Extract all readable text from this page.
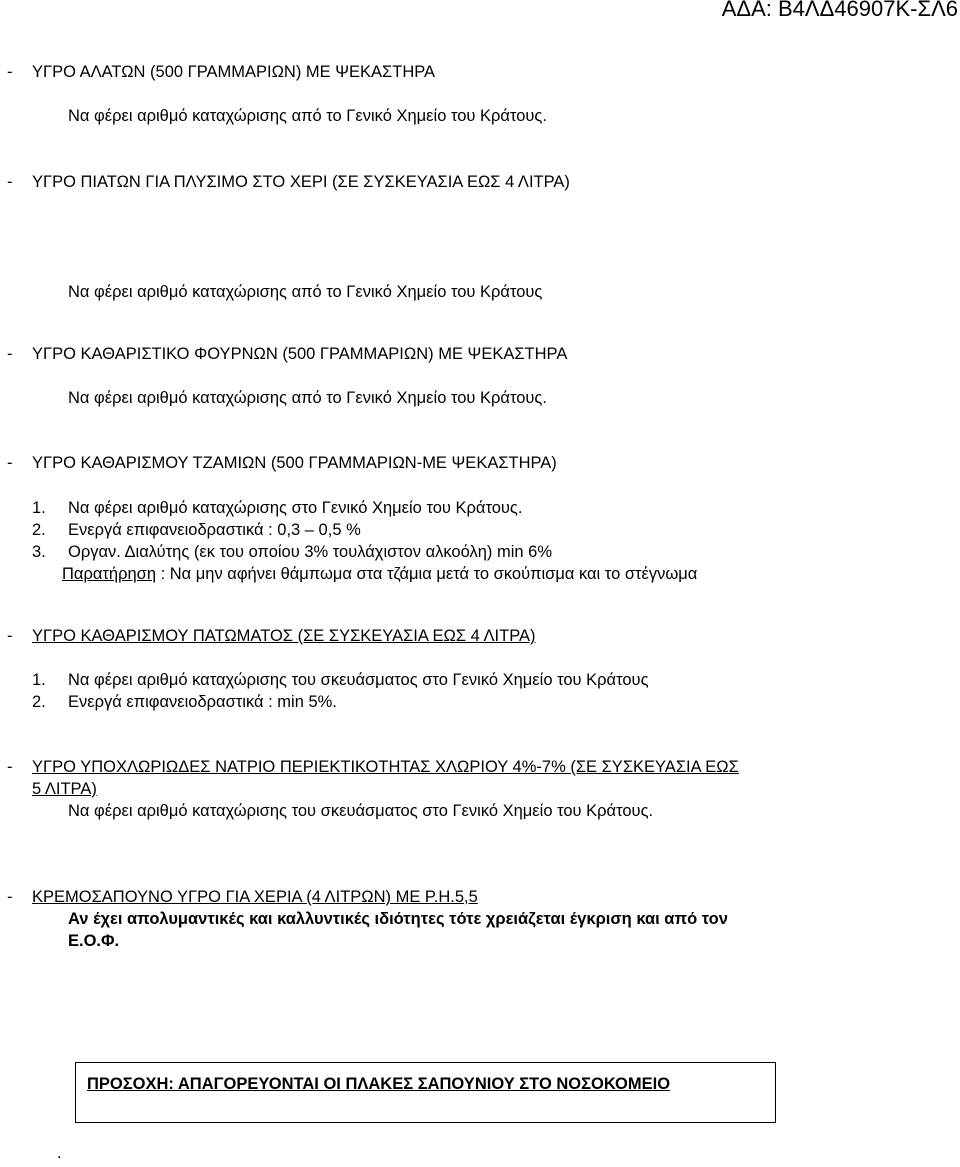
ΑΔΑ: Β4ΛΔ46907Κ-ΣΛ6
- ΥΓΡΟ ΑΛΑΤΩΝ (500 ΓΡΑΜΜΑΡΙΩΝ) ΜΕ ΨΕΚΑΣΤΗΡΑ
Να φέρει αριθμό καταχώρισης από το Γενικό Χημείο του Κράτους.
- ΥΓΡΟ ΠΙΑΤΩΝ ΓΙΑ ΠΛΥΣΙΜΟ ΣΤΟ ΧΕΡΙ (ΣΕ ΣΥΣΚΕΥΑΣΙΑ ΕΩΣ 4 ΛΙΤΡΑ)
Να φέρει αριθμό καταχώρισης από το Γενικό Χημείο του Κράτους
- ΥΓΡΟ ΚΑΘΑΡΙΣΤΙΚΟ ΦΟΥΡΝΩΝ (500 ΓΡΑΜΜΑΡΙΩΝ) ΜΕ ΨΕΚΑΣΤΗΡΑ
Να φέρει αριθμό καταχώρισης από το Γενικό Χημείο του Κράτους.
- ΥΓΡΟ ΚΑΘΑΡΙΣΜΟΥ ΤΖΑΜΙΩΝ (500 ΓΡΑΜΜΑΡΙΩΝ-ΜΕ ΨΕΚΑΣΤΗΡΑ)
1. Να φέρει αριθμό καταχώρισης στο Γενικό Χημείο του Κράτους.
2. Ενεργά επιφανειοδραστικά : 0,3 – 0,5 %
3. Οργαν. Διαλύτης (εκ του οποίου 3% τουλάχιστον αλκοόλη) min 6%
Παρατήρηση : Να μην αφήνει θάμπωμα στα τζάμια μετά το σκούπισμα και το στέγνωμα
- ΥΓΡΟ ΚΑΘΑΡΙΣΜΟΥ ΠΑΤΩΜΑΤΟΣ (ΣΕ ΣΥΣΚΕΥΑΣΙΑ ΕΩΣ 4 ΛΙΤΡΑ)
1. Να φέρει αριθμό καταχώρισης του σκευάσματος στο Γενικό Χημείο του Κράτους
2. Ενεργά επιφανειοδραστικά : min 5%.
- ΥΓΡΟ ΥΠΟΧΛΩΡΙΩΔΕΣ ΝΑΤΡΙΟ ΠΕΡΙΕΚΤΙΚΟΤΗΤΑΣ ΧΛΩΡΙΟΥ 4%-7% (ΣΕ ΣΥΣΚΕΥΑΣΙΑ ΕΩΣ
5 ΛΙΤΡΑ)
Να φέρει αριθμό καταχώρισης του σκευάσματος στο Γενικό Χημείο του Κράτους.
- ΚΡΕΜΟΣΑΠΟΥΝΟ ΥΓΡΟ ΓΙΑ ΧΕΡΙΑ (4 ΛΙΤΡΩΝ) ΜΕ Ρ.Η.5,5
Αν έχει απολυμαντικές και καλλυντικές ιδιότητες τότε χρειάζεται έγκριση και από τον
Ε.Ο.Φ.
ΠΡΟΣΟΧΗ: ΑΠΑΓΟΡΕΥΟΝΤΑΙ ΟΙ ΠΛΑΚΕΣ ΣΑΠΟΥΝΙΟΥ ΣΤΟ ΝΟΣΟΚΟΜΕΙΟ
.
